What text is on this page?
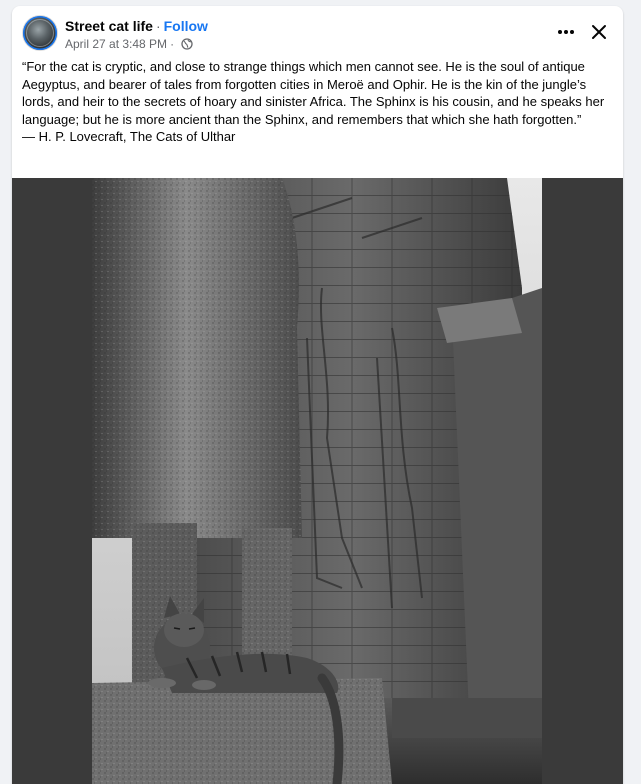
Street cat life · Follow
April 27 at 3:48 PM ·

“For the cat is cryptic, and close to strange things which men cannot see. He is the soul of antique Aegyptus, and bearer of tales from forgotten cities in Meroë and Ophir. He is the kin of the jungle’s lords, and heir to the secrets of hoary and sinister Africa. The Sphinx is his cousin, and he speaks her language; but he is more ancient than the Sphinx, and remembers that which she hath forgotten.”

— H. P. Lovecraft, The Cats of Ulthar
